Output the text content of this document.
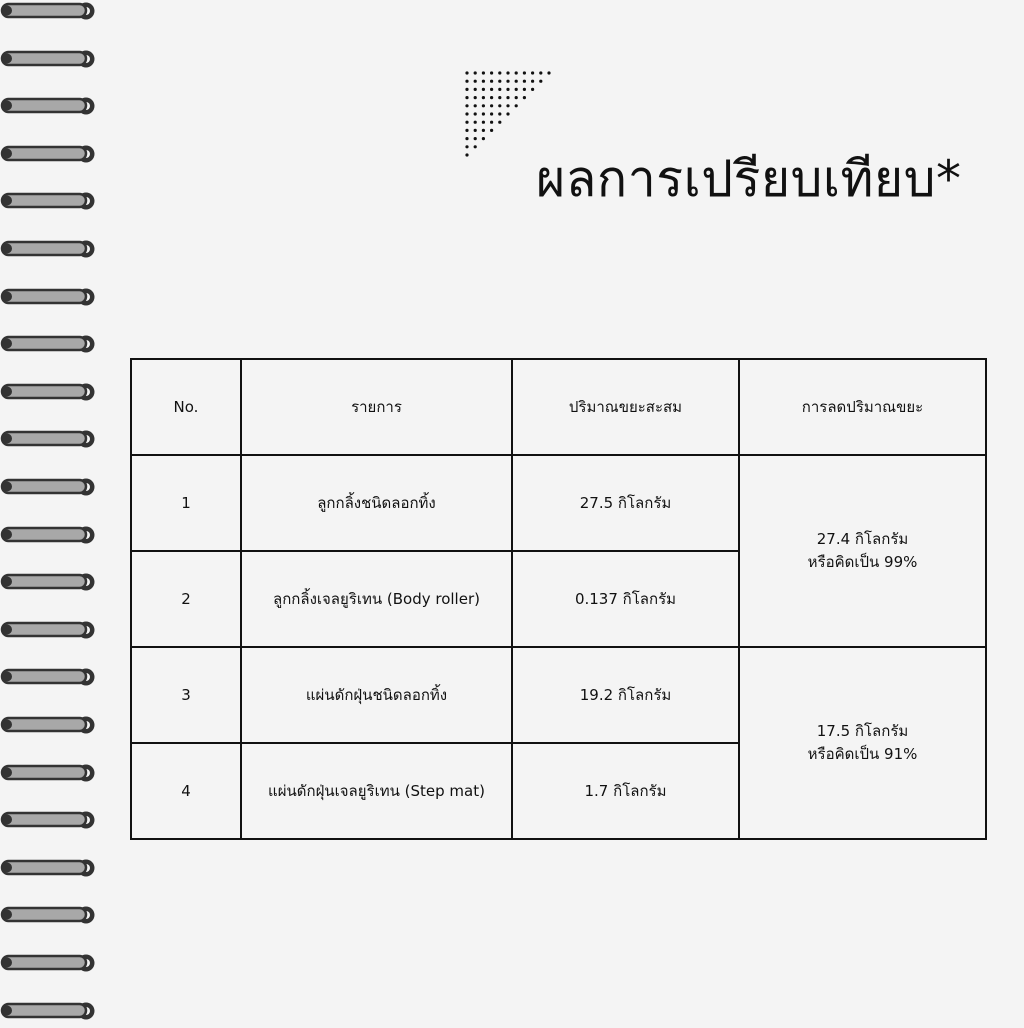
ผลการเปรียบเทียบ*
No.	รายการ	ปริมาณขยะสะสม	การลดปริมาณขยะ
1	ลูกกลิ้งชนิดลอกทิ้ง	27.5 กิโลกรัม	27.4 กิโลกรัม
หรือคิดเป็น 99%

2	ลูกกลิ้งเจลยูริเทน (Body roller)	0.137 กิโลกรัม	
3	แผ่นดักฝุ่นชนิดลอกทิ้ง	19.2 กิโลกรัม	17.5 กิโลกรัม
หรือคิดเป็น 91%

4	แผ่นดักฝุ่นเจลยูริเทน (Step mat)	1.7 กิโลกรัม	
